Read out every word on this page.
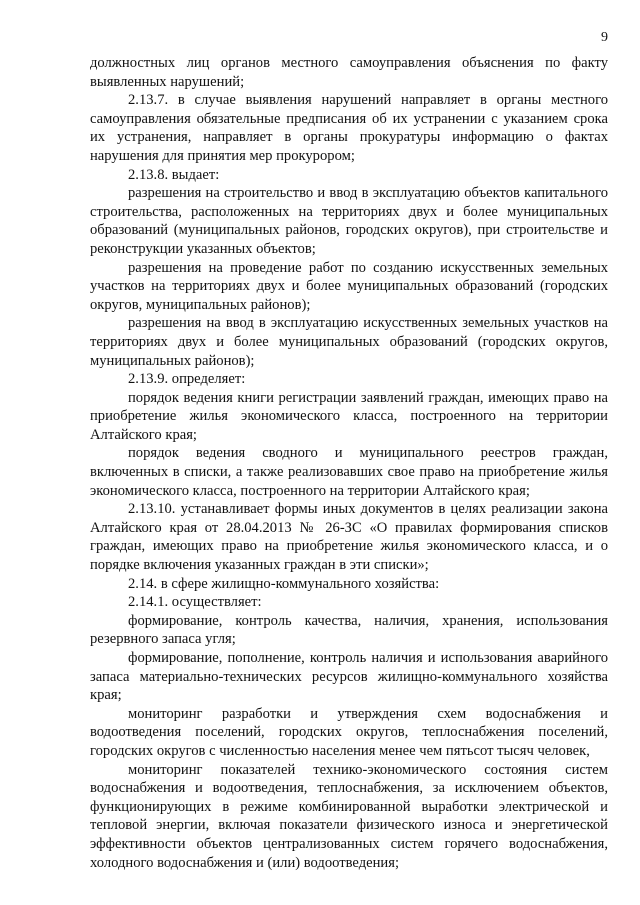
9

должностных лиц органов местного самоуправления объяснения по факту выявленных нарушений;

2.13.7. в случае выявления нарушений направляет в органы местного самоуправления обязательные предписания об их устранении с указанием срока их устранения, направляет в органы прокуратуры информацию о фактах нарушения для принятия мер прокурором;

2.13.8. выдает:

разрешения на строительство и ввод в эксплуатацию объектов капитального строительства, расположенных на территориях двух и более муниципальных образований (муниципальных районов, городских округов), при строительстве и реконструкции указанных объектов;

разрешения на проведение работ по созданию искусственных земельных участков на территориях двух и более муниципальных образований (городских округов, муниципальных районов);

разрешения на ввод в эксплуатацию искусственных земельных участков на территориях двух и более муниципальных образований (городских округов, муниципальных районов);

2.13.9. определяет:

порядок ведения книги регистрации заявлений граждан, имеющих право на приобретение жилья экономического класса, построенного на территории Алтайского края;

порядок ведения сводного и муниципального реестров граждан, включенных в списки, а также реализовавших свое право на приобретение жилья экономического класса, построенного на территории Алтайского края;

2.13.10. устанавливает формы иных документов в целях реализации закона Алтайского края от 28.04.2013 № 26-ЗС «О правилах формирования списков граждан, имеющих право на приобретение жилья экономического класса, и о порядке включения указанных граждан в эти списки»;

2.14. в сфере жилищно-коммунального хозяйства:

2.14.1. осуществляет:

формирование, контроль качества, наличия, хранения, использования резервного запаса угля;

формирование, пополнение, контроль наличия и использования аварийного запаса материально-технических ресурсов жилищно-коммунального хозяйства края;

мониторинг разработки и утверждения схем водоснабжения и водоотведения поселений, городских округов, теплоснабжения поселений, городских округов с численностью населения менее чем пятьсот тысяч человек,

мониторинг показателей технико-экономического состояния систем водоснабжения и водоотведения, теплоснабжения, за исключением объектов, функционирующих в режиме комбинированной выработки электрической и тепловой энергии, включая показатели физического износа и энергетической эффективности объектов централизованных систем горячего водоснабжения, холодного водоснабжения и (или) водоотведения;
